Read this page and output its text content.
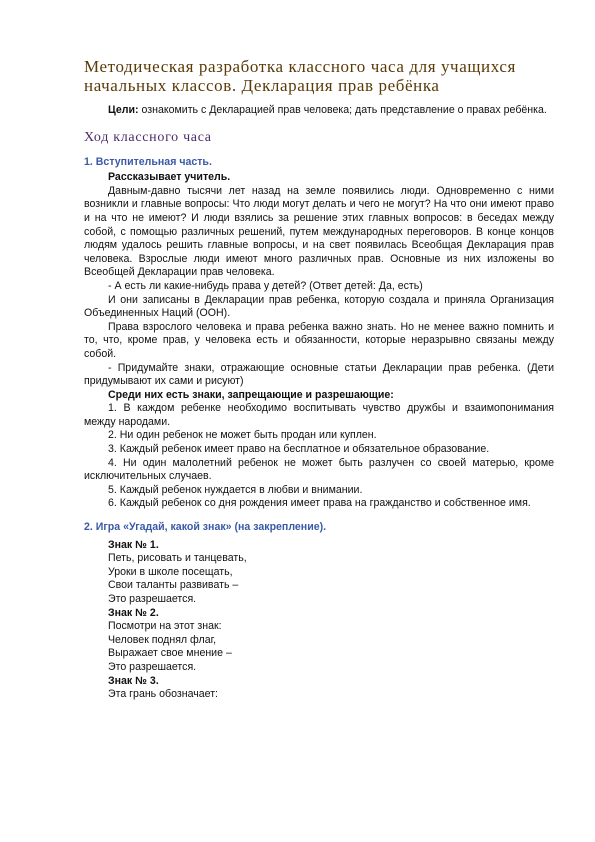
Методическая разработка классного часа для учащихся начальных классов. Декларация прав ребёнка

Цели: ознакомить с Декларацией прав человека; дать представление о правах ребёнка.

Ход классного часа
1. Вступительная часть.

Рассказывает учитель.

Давным-давно тысячи лет назад на земле появились люди. Одновременно с ними возникли и главные вопросы: Что люди могут делать и чего не могут? На что они имеют право и на что не имеют? И люди взялись за решение этих главных вопросов: в беседах между собой, с помощью различных решений, путем международных переговоров. В конце концов людям удалось решить главные вопросы, и на свет появилась Всеобщая Декларация прав человека. Взрослые люди имеют много различных прав. Основные из них изложены во Всеобщей Декларации прав человека.

- А есть ли какие-нибудь права у детей? (Ответ детей: Да, есть)

И они записаны в Декларации прав ребенка, которую создала и приняла Организация Объединенных Наций (ООН).

Права взрослого человека и права ребенка важно знать. Но не менее важно помнить и то, что, кроме прав, у человека есть и обязанности, которые неразрывно связаны между собой.

- Придумайте знаки, отражающие основные статьи Декларации прав ребенка. (Дети придумывают их сами и рисуют)

Среди них есть знаки, запрещающие и разрешающие:

1. В каждом ребенке необходимо воспитывать чувство дружбы и взаимопонимания между народами.

2. Ни один ребенок не может быть продан или куплен.

3. Каждый ребенок имеет право на бесплатное и обязательное образование.

4. Ни один малолетний ребенок не может быть разлучен со своей матерью, кроме исключительных случаев.

5. Каждый ребенок нуждается в любви и внимании.

6. Каждый ребенок со дня рождения имеет права на гражданство и собственное имя.

2. Игра «Угадай, какой знак» (на закрепление).
Знак № 1.
Петь, рисовать и танцевать,
Уроки в школе посещать,
Свои таланты развивать –
Это разрешается.
Знак № 2.
Посмотри на этот знак:
Человек поднял флаг,
Выражает свое мнение –
Это разрешается.
Знак № 3.
Эта грань обозначает:
